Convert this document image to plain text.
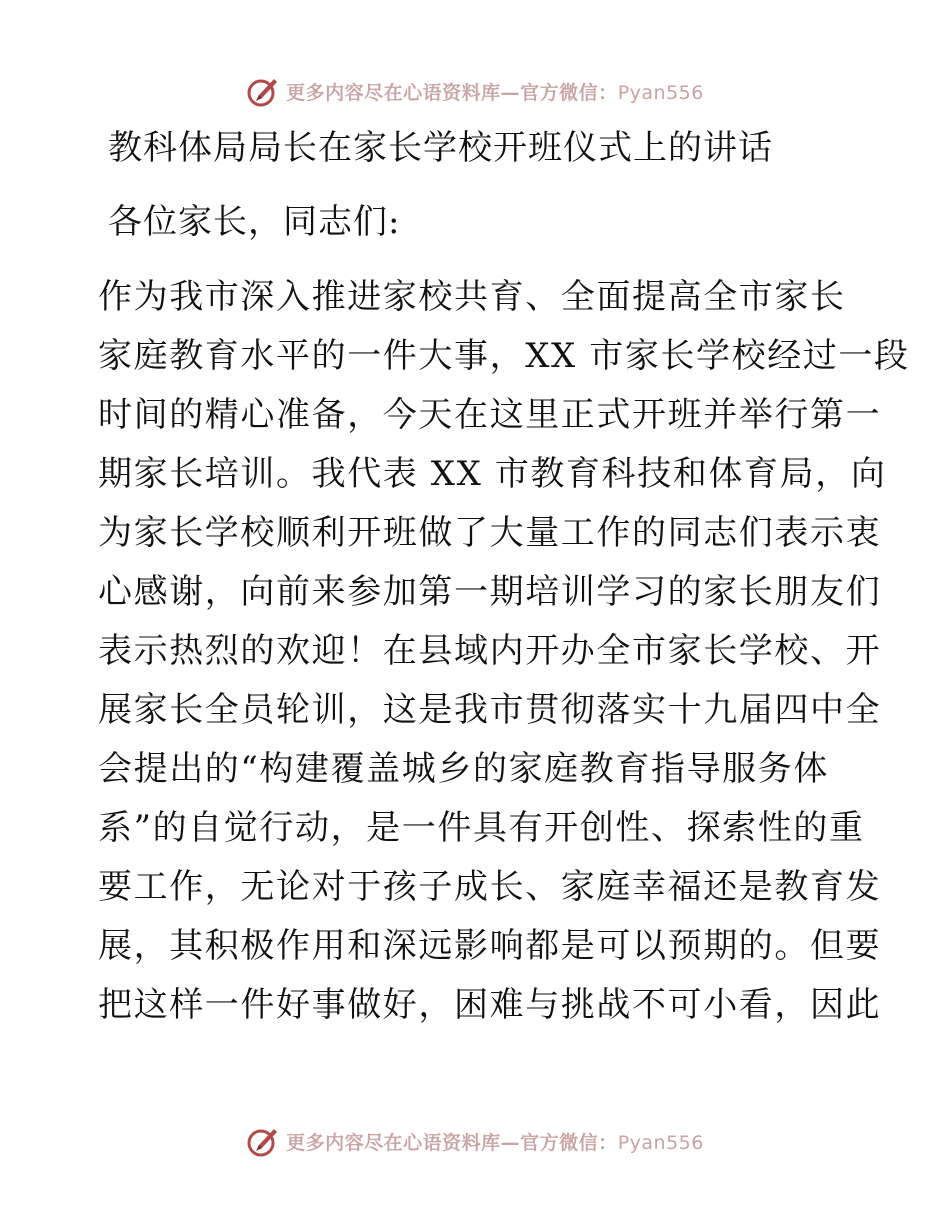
更多内容尽在心语资料库—官方微信：Pyan556
教科体局局长在家长学校开班仪式上的讲话
各位家长，同志们:
作为我市深入推进家校共育、全面提高全市家长
家庭教育水平的一件大事，XX 市家长学校经过一段
时间的精心准备，今天在这里正式开班并举行第一
期家长培训。我代表 XX 市教育科技和体育局，向
为家长学校顺利开班做了大量工作的同志们表示衷
心感谢，向前来参加第一期培训学习的家长朋友们
表示热烈的欢迎！在县域内开办全市家长学校、开
展家长全员轮训，这是我市贯彻落实十九届四中全
会提出的“构建覆盖城乡的家庭教育指导服务体
系”的自觉行动，是一件具有开创性、探索性的重
要工作，无论对于孩子成长、家庭幸福还是教育发
展，其积极作用和深远影响都是可以预期的。但要
把这样一件好事做好，困难与挑战不可小看，因此
更多内容尽在心语资料库—官方微信：Pyan556
